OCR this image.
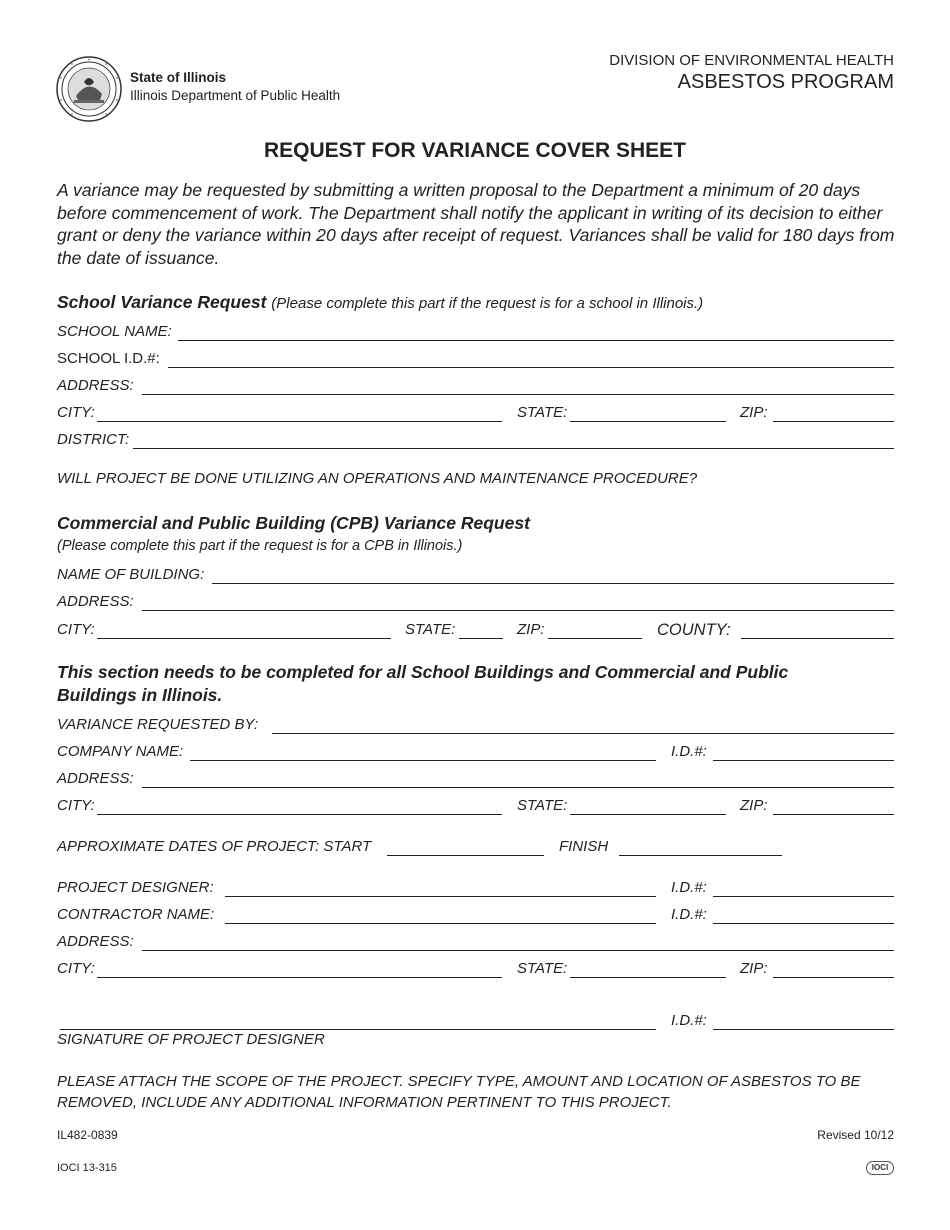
State of Illinois
Illinois Department of Public Health
DIVISION OF ENVIRONMENTAL HEALTH
ASBESTOS PROGRAM
REQUEST FOR VARIANCE COVER SHEET
A variance may be requested by submitting a written proposal to the Department a minimum of 20 days before commencement of work. The Department shall notify the applicant in writing of its decision to either grant or deny the variance within 20 days after receipt of request. Variances shall be valid for 180 days from the date of issuance.
School Variance Request (Please complete this part if the request is for a school in Illinois.)
SCHOOL NAME:
SCHOOL I.D.#:
ADDRESS:
CITY:	STATE:	ZIP:
DISTRICT:
WILL PROJECT BE DONE UTILIZING AN OPERATIONS AND MAINTENANCE PROCEDURE?
Commercial and Public Building (CPB) Variance Request
(Please complete this part if the request is for a CPB in Illinois.)
NAME OF BUILDING:
ADDRESS:
CITY:	STATE:	ZIP:	COUNTY:
This section needs to be completed for all School Buildings and Commercial and Public Buildings in Illinois.
VARIANCE REQUESTED BY:
COMPANY NAME:	I.D.#:
ADDRESS:
CITY:	STATE:	ZIP:
APPROXIMATE DATES OF PROJECT: START	FINISH
PROJECT DESIGNER:	I.D.#:
CONTRACTOR NAME:	I.D.#:
ADDRESS:
CITY:	STATE:	ZIP:
I.D.#:
SIGNATURE OF PROJECT DESIGNER
PLEASE ATTACH THE SCOPE OF THE PROJECT. SPECIFY TYPE, AMOUNT AND LOCATION OF ASBESTOS TO BE REMOVED, INCLUDE ANY ADDITIONAL INFORMATION PERTINENT TO THIS PROJECT.
IL482-0839	Revised 10/12
IOCI 13-315	IOCI
